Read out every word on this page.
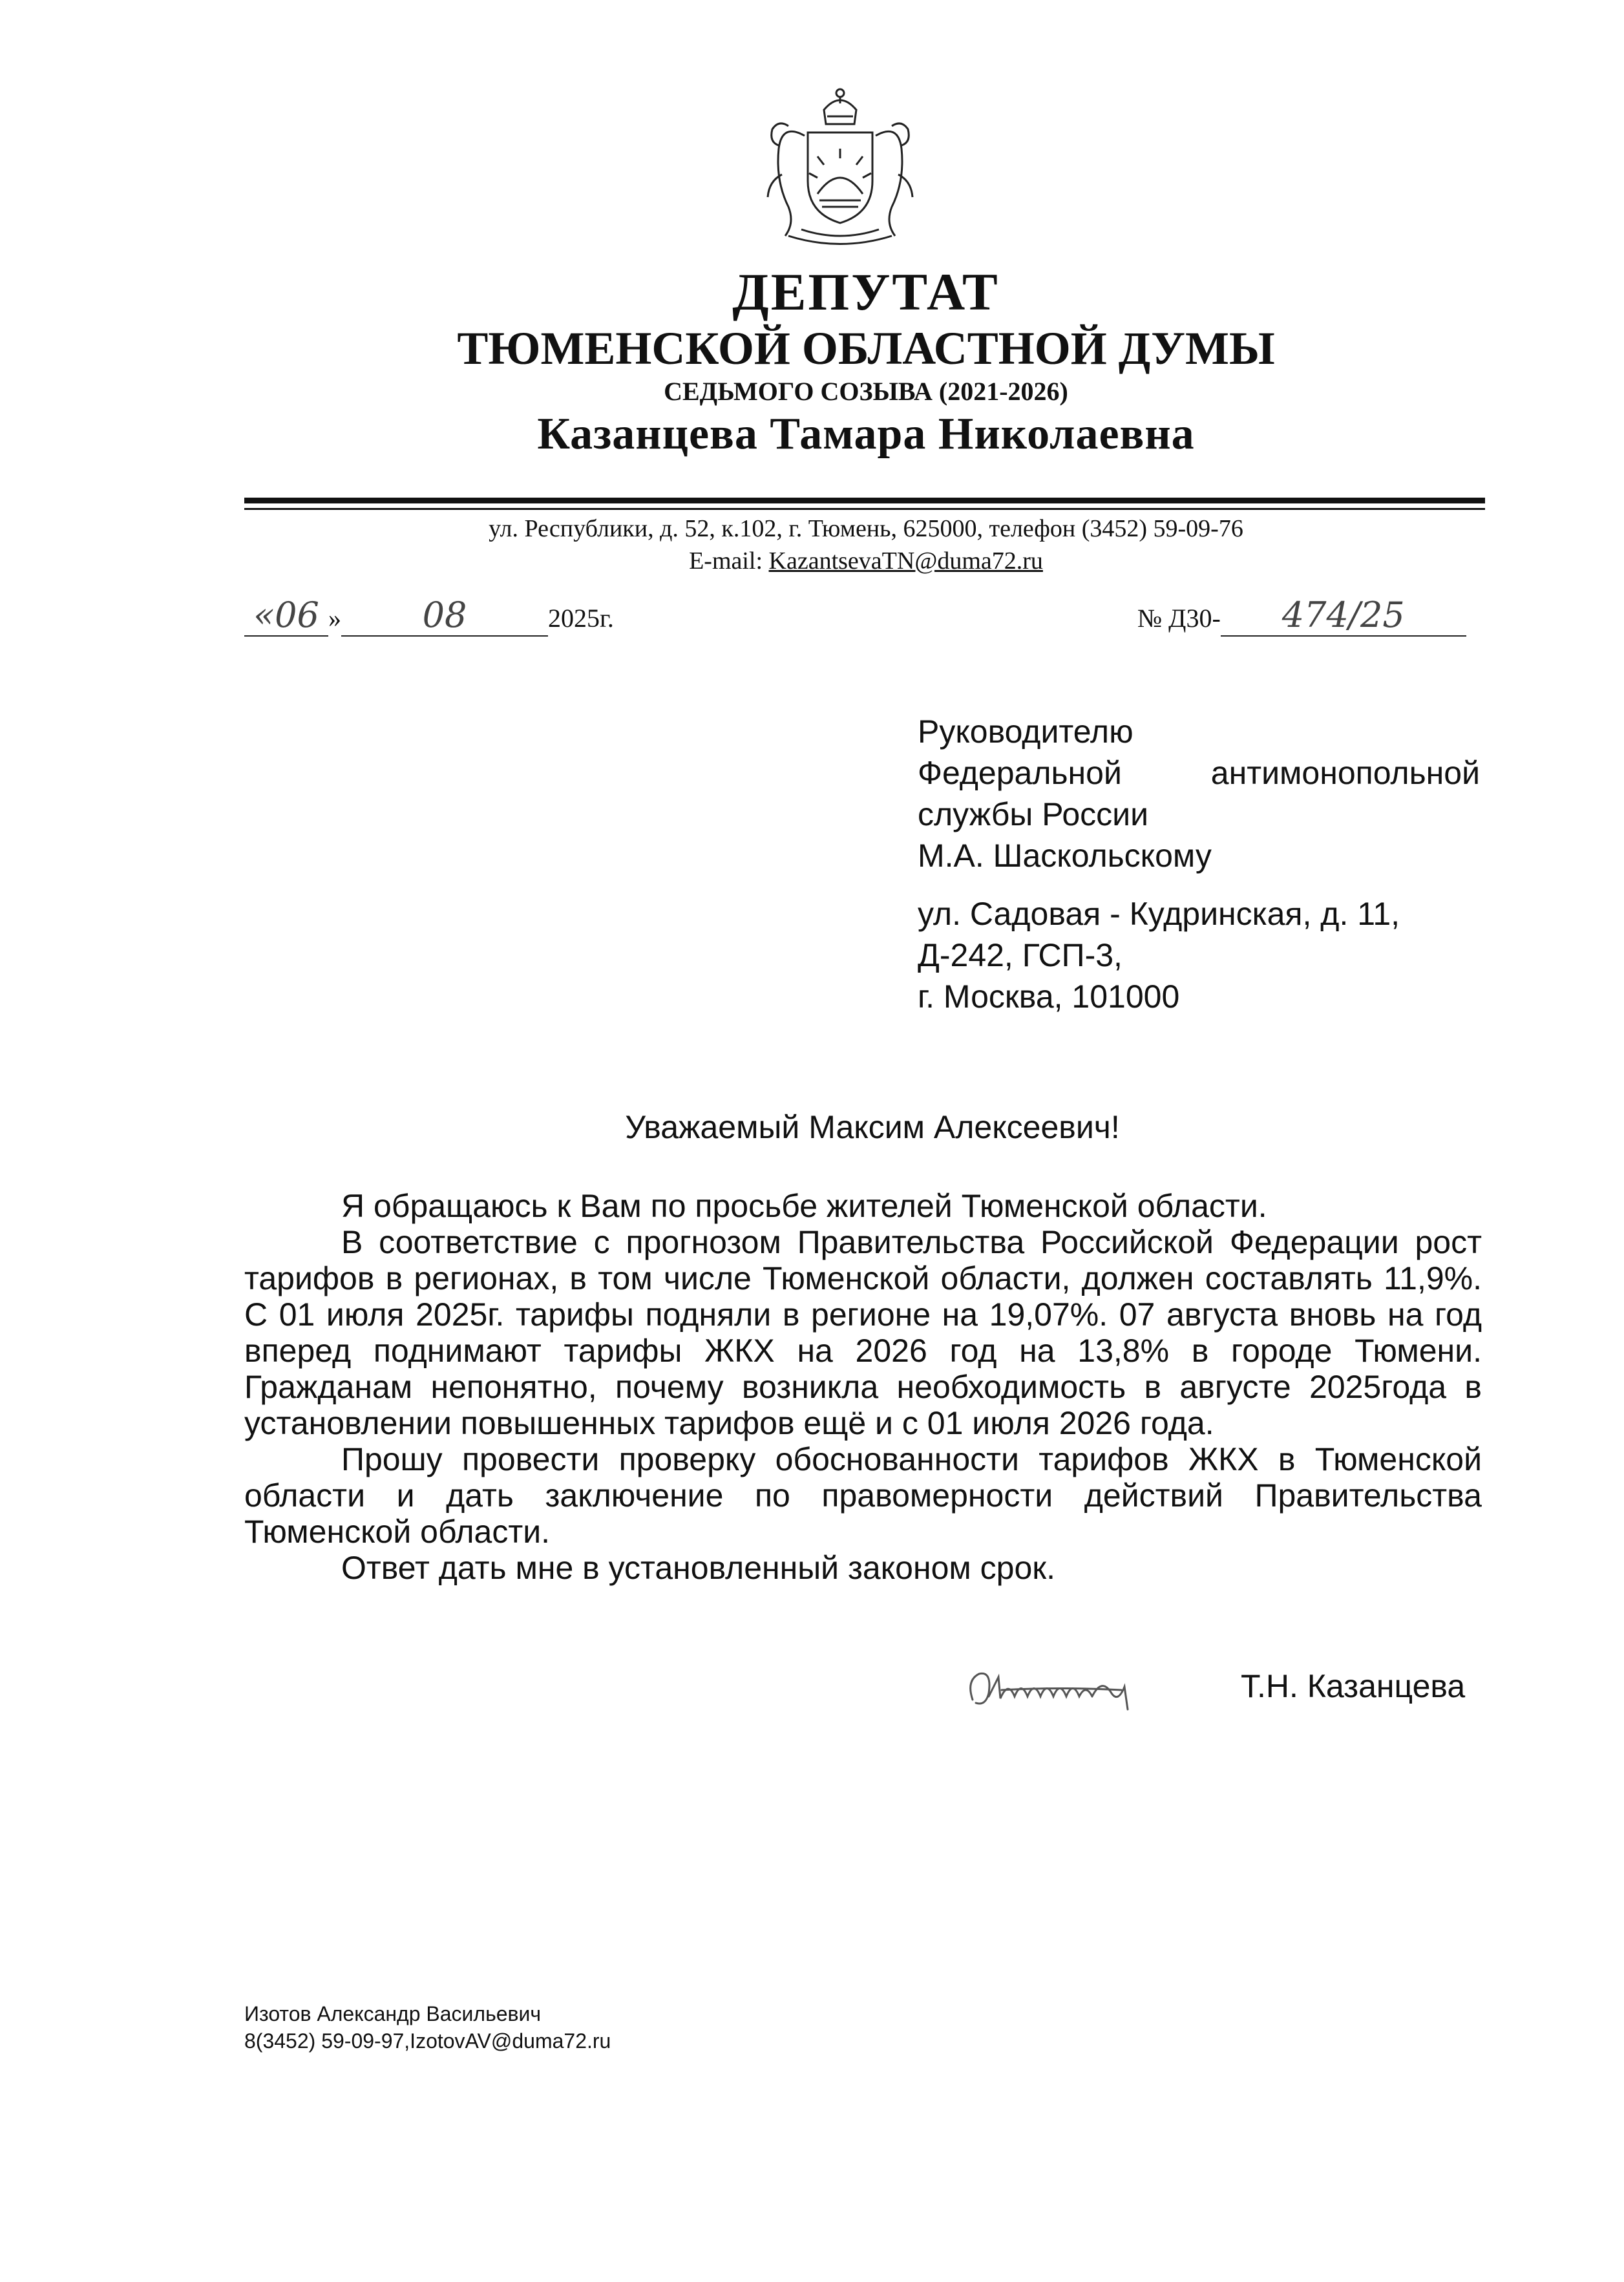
ДЕПУТАТ
ТЮМЕНСКОЙ ОБЛАСТНОЙ ДУМЫ
СЕДЬМОГО СОЗЫВА (2021-2026)
Казанцева Тамара Николаевна
ул. Республики, д. 52, к.102, г. Тюмень, 625000, телефон (3452) 59-09-76
E-mail: KazantsevaTN@duma72.ru
«06 » 08	2025г.	№ Д30- 474/25
Руководителю
Федеральной	антимонопольной
службы России
М.А. Шаскольскому
ул. Садовая - Кудринская, д. 11,
Д-242, ГСП-3,
г. Москва, 101000
Уважаемый Максим Алексеевич!

Я обращаюсь к Вам по просьбе жителей Тюменской области.

В соответствие с прогнозом Правительства Российской Федерации рост тарифов в регионах, в том числе Тюменской области, должен составлять 11,9%. С 01 июля 2025г. тарифы подняли в регионе на 19,07%. 07 августа вновь на год вперед поднимают тарифы ЖКХ на 2026 год на 13,8% в городе Тюмени. Гражданам непонятно, почему возникла необходимость в августе 2025года в установлении повышенных тарифов ещё и с 01 июля 2026 года.

Прошу провести проверку обоснованности тарифов ЖКХ в Тюменской области и дать заключение по правомерности действий Правительства Тюменской области.

Ответ дать мне в установленный законом срок.

Т.Н. Казанцева
Изотов Александр Васильевич
8(3452) 59-09-97,IzotovAV@duma72.ru
